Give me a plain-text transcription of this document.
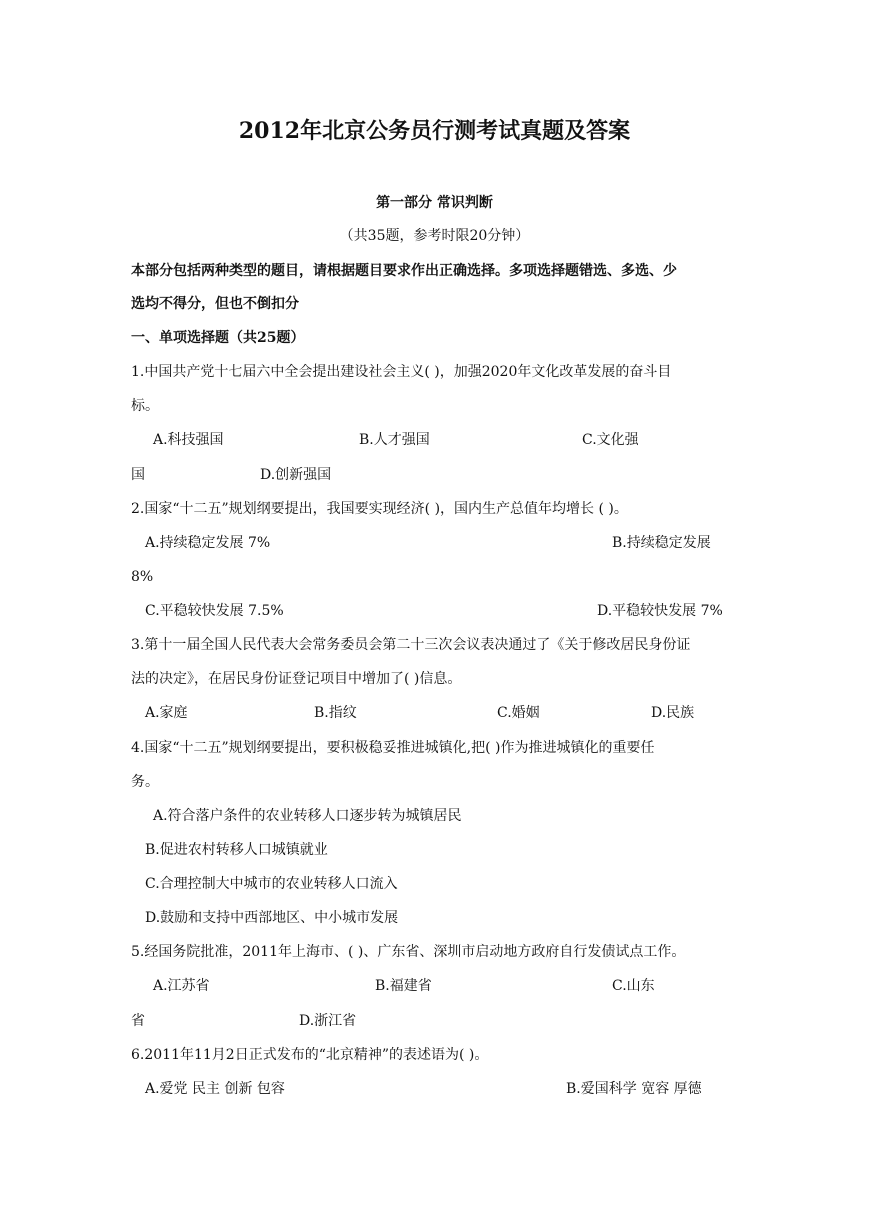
2012年北京公务员行测考试真题及答案
第一部分 常识判断
（共35题，参考时限20分钟）
本部分包括两种类型的题目，请根据题目要求作出正确选择。多项选择题错选、多选、少
选均不得分，但也不倒扣分
一、单项选择题（共25题）
1.中国共产党十七届六中全会提出建设社会主义( )，加强2020年文化改革发展的奋斗目
标。
A.科技强国	B.人才强国	C.文化强
国	D.创新强国
2.国家“十二五”规划纲要提出，我国要实现经济( )，国内生产总值年均增长 ( )。
A.持续稳定发展 7%	B.持续稳定发展
8%
C.平稳较快发展 7.5%	D.平稳较快发展 7%
3.第十一届全国人民代表大会常务委员会第二十三次会议表决通过了《关于修改居民身份证
法的决定》，在居民身份证登记项目中增加了( )信息。
A.家庭	B.指纹	C.婚姻	D.民族
4.国家“十二五”规划纲要提出，要积极稳妥推进城镇化,把( )作为推进城镇化的重要任
务。
A.符合落户条件的农业转移人口逐步转为城镇居民
B.促进农村转移人口城镇就业
C.合理控制大中城市的农业转移人口流入
D.鼓励和支持中西部地区、中小城市发展
5.经国务院批准，2011年上海市、( )、广东省、深圳市启动地方政府自行发债试点工作。
A.江苏省	B.福建省	C.山东
省	D.浙江省
6.2011年11月2日正式发布的“北京精神”的表述语为( )。
A.爱党 民主 创新 包容	B.爱国科学 宽容 厚德
